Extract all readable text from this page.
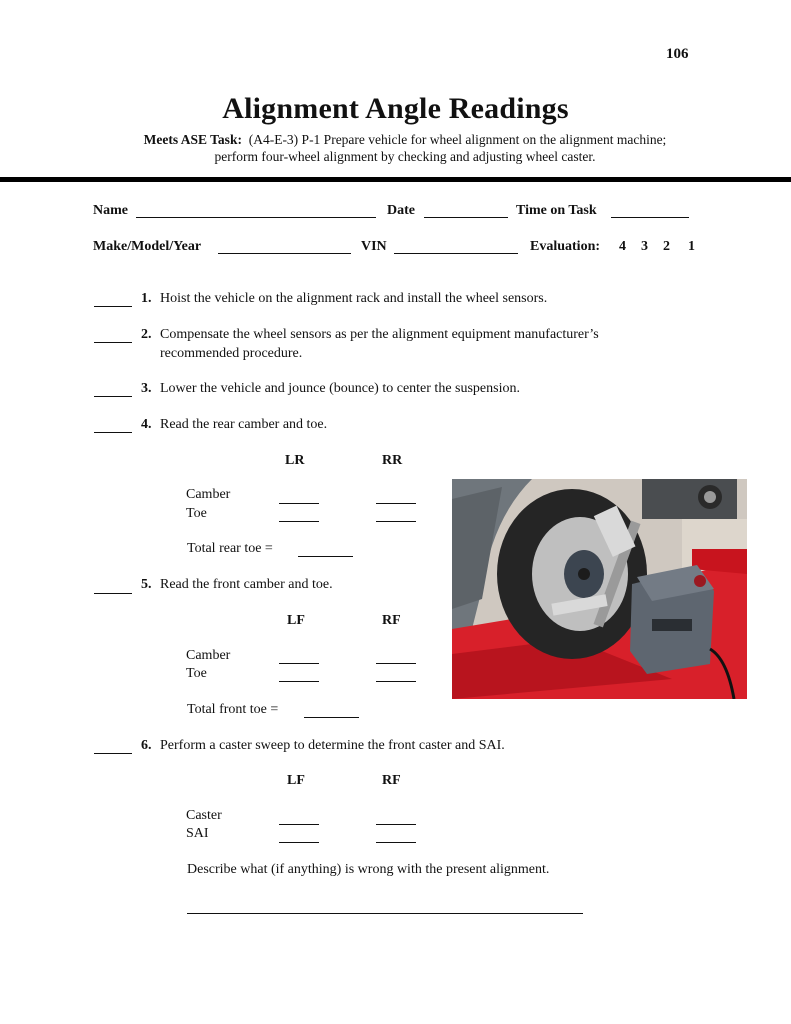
106
Alignment Angle Readings
Meets ASE Task: (A4-E-3) P-1 Prepare vehicle for wheel alignment on the alignment machine;
perform four-wheel alignment by checking and adjusting wheel caster.
Name	Date	Time on Task
Make/Model/Year	VIN	Evaluation: 4 3 2 1
1. Hoist the vehicle on the alignment rack and install the wheel sensors.
2. Compensate the wheel sensors as per the alignment equipment manufacturer’s
recommended procedure.
3. Lower the vehicle and jounce (bounce) to center the suspension.
4. Read the rear camber and toe.
LR	RR
Camber
Toe
Total rear toe =
5. Read the front camber and toe.
LF	RF
Camber
Toe
Total front toe =
6. Perform a caster sweep to determine the front caster and SAI.
LF	RF
Caster
SAI
Describe what (if anything) is wrong with the present alignment.
